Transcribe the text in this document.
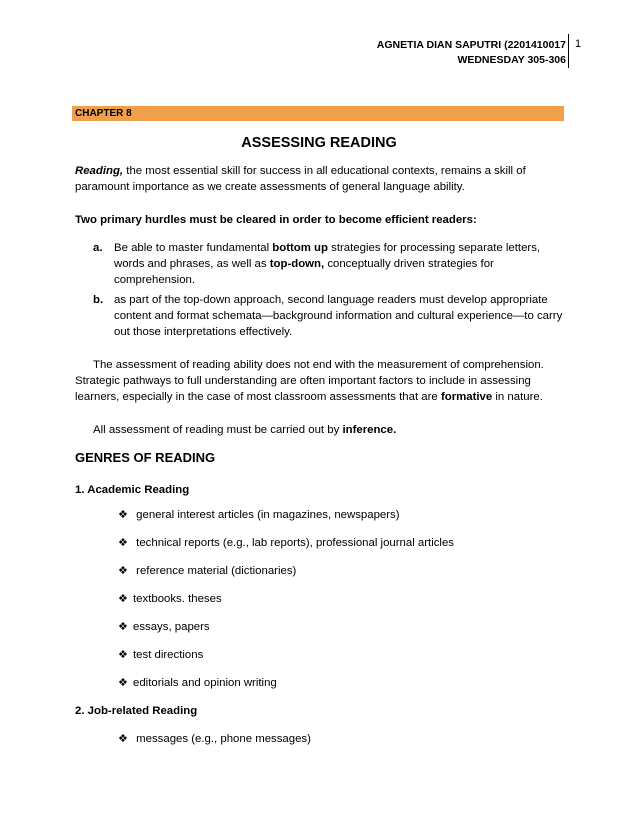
AGNETIA DIAN SAPUTRI (2201410017
WEDNESDAY 305-306
1
CHAPTER 8
ASSESSING READING

Reading, the most essential skill for success in all educational contexts, remains a skill of paramount importance as we create assessments of general language ability.

Two primary hurdles must be cleared in order to become efficient readers:

a. Be able to master fundamental bottom up strategies for processing separate letters, words and phrases, as well as top-down, conceptually driven strategies for comprehension.
b. as part of the top-down approach, second language readers must develop appropriate content and format schemata—background information and cultural experience—to carry out those interpretations effectively.

The assessment of reading ability does not end with the measurement of comprehension. Strategic pathways to full understanding are often important factors to include in assessing learners, especially in the case of most classroom assessments that are formative in nature.

All assessment of reading must be carried out by inference.

GENRES OF READING
1. Academic Reading
❖ general interest articles (in magazines, newspapers)
❖ technical reports (e.g., lab reports), professional journal articles
❖ reference material (dictionaries)
❖ textbooks. theses
❖ essays, papers
❖ test directions
❖ editorials and opinion writing
2. Job-related Reading
❖ messages (e.g., phone messages)
